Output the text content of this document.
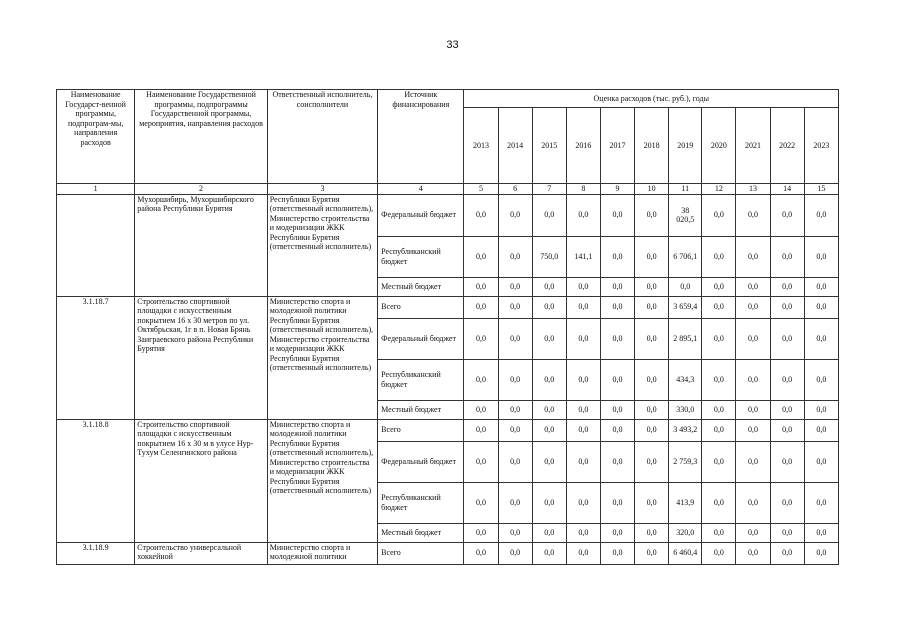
33
Наименование Государст-венной программы, подпрограм-мы, направления расходов	Наименование Государственной программы, подпрограммы Государственной программы, мероприятия, направления расходов	Ответственный исполнитель, соисполнители	Источник финансирования	Оценка расходов (тыс. руб.), годы										
				2013	2014	2015	2016	2017	2018	2019	2020	2021	2022	2023
1	2	3	4	5	6	7	8	9	10	11	12	13	14	15
	Мухоршибирь, Мухоршибирского района Республики Бурятия	Республики Бурятия (ответственный исполнитель), Министерство строительства и модернизации ЖКК Республики Бурятия (ответственный исполнитель)	Федеральный бюджет	0,0	0,0	0,0	0,0	0,0	0,0	38 020,5	0,0	0,0	0,0	0,0
			Республиканский бюджет	0,0	0,0	750,0	141,1	0,0	0,0	6 706,1	0,0	0,0	0,0	0,0
			Местный бюджет	0,0	0,0	0,0	0,0	0,0	0,0	0,0	0,0	0,0	0,0	0,0
3.1.18.7	Строительство спортивной площадки с искусственным покрытием 16 x 30 метров по ул. Октябрьская, 1г в п. Новая Брянь Заиграевского района Республики Бурятия	Министерство спорта и молодежной политики Республики Бурятия (ответственный исполнитель), Министерство строительства и модернизации ЖКК Республики Бурятия (ответственный исполнитель)	Всего	0,0	0,0	0,0	0,0	0,0	0,0	3 659,4	0,0	0,0	0,0	0,0
			Федеральный бюджет	0,0	0,0	0,0	0,0	0,0	0,0	2 895,1	0,0	0,0	0,0	0,0
			Республиканский бюджет	0,0	0,0	0,0	0,0	0,0	0,0	434,3	0,0	0,0	0,0	0,0
			Местный бюджет	0,0	0,0	0,0	0,0	0,0	0,0	330,0	0,0	0,0	0,0	0,0
3.1.18.8	Строительство спортивной площадки с искусственным покрытием 16 x 30 м в улусе Нур-Тухум Селенгинского района	Министерство спорта и молодежной политики Республики Бурятия (ответственный исполнитель), Министерство строительства и модернизации ЖКК Республики Бурятия (ответственный исполнитель)	Всего	0,0	0,0	0,0	0,0	0,0	0,0	3 493,2	0,0	0,0	0,0	0,0
			Федеральный бюджет	0,0	0,0	0,0	0,0	0,0	0,0	2 759,3	0,0	0,0	0,0	0,0
			Республиканский бюджет	0,0	0,0	0,0	0,0	0,0	0,0	413,9	0,0	0,0	0,0	0,0
			Местный бюджет	0,0	0,0	0,0	0,0	0,0	0,0	320,0	0,0	0,0	0,0	0,0
3.1.18.9	Строительство универсальной хоккейной	Министерство спорта и молодежной политики	Всего	0,0	0,0	0,0	0,0	0,0	0,0	6 460,4	0,0	0,0	0,0	0,0
